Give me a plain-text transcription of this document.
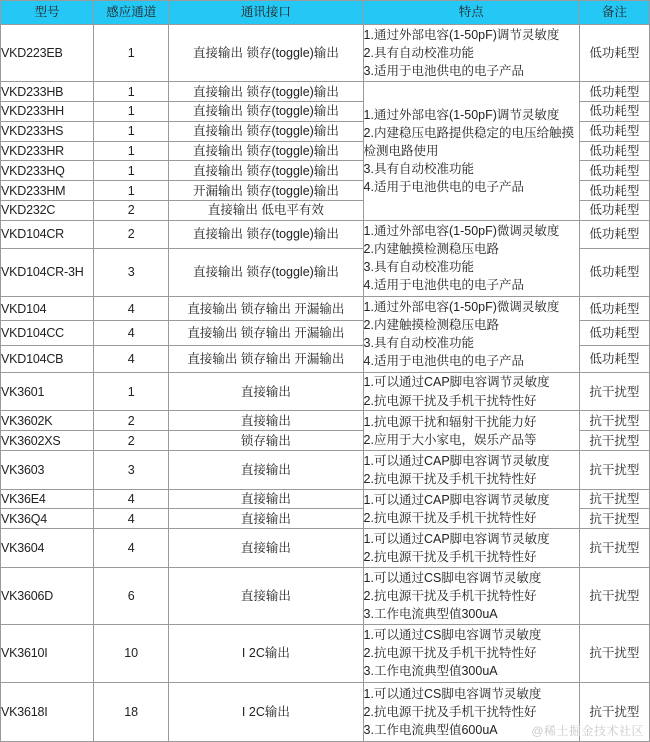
型号	感应通道	通讯接口	特点	备注
VKD223EB	1	直接输出 锁存(toggle)输出	1.通过外部电容(1-50pF)调节灵敏度
2.具有自动校准功能
3.适用于电池供电的电子产品	低功耗型
VKD233HB	1	直接输出 锁存(toggle)输出	1.通过外部电容(1-50pF)调节灵敏度
2.内建稳压电路提供稳定的电压给触摸检测电路使用
3.具有自动校准功能
4.适用于电池供电的电子产品	低功耗型
VKD233HH	1	直接输出 锁存(toggle)输出		低功耗型
VKD233HS	1	直接输出 锁存(toggle)输出		低功耗型
VKD233HR	1	直接输出 锁存(toggle)输出		低功耗型
VKD233HQ	1	直接输出 锁存(toggle)输出		低功耗型
VKD233HM	1	开漏输出 锁存(toggle)输出		低功耗型
VKD232C	2	直接输出 低电平有效		低功耗型
VKD104CR	2	直接输出 锁存(toggle)输出	1.通过外部电容(1-50pF)微调灵敏度
2.内建触摸检测稳压电路
3.具有自动校准功能
4.适用于电池供电的电子产品	低功耗型
VKD104CR-3H	3	直接输出 锁存(toggle)输出		低功耗型
VKD104	4	直接输出 锁存输出 开漏输出	1.通过外部电容(1-50pF)微调灵敏度
2.内建触摸检测稳压电路
3.具有自动校准功能
4.适用于电池供电的电子产品	低功耗型
VKD104CC	4	直接输出 锁存输出 开漏输出		低功耗型
VKD104CB	4	直接输出 锁存输出 开漏输出		低功耗型
VK3601	1	直接输出	1.可以通过CAP脚电容调节灵敏度
2.抗电源干扰及手机干扰特性好	抗干扰型
VK3602K	2	直接输出	1.抗电源干扰和辐射干扰能力好
2.应用于大小家电，娱乐产品等	抗干扰型
VK3602XS	2	锁存输出		抗干扰型
VK3603	3	直接输出	1.可以通过CAP脚电容调节灵敏度
2.抗电源干扰及手机干扰特性好	抗干扰型
VK36E4	4	直接输出	1.可以通过CAP脚电容调节灵敏度
2.抗电源干扰及手机干扰特性好	抗干扰型
VK36Q4	4	直接输出		抗干扰型
VK3604	4	直接输出	1.可以通过CAP脚电容调节灵敏度
2.抗电源干扰及手机干扰特性好	抗干扰型
VK3606D	6	直接输出	1.可以通过CS脚电容调节灵敏度
2.抗电源干扰及手机干扰特性好
3.工作电流典型值300uA	抗干扰型
VK3610I	10	I 2C输出	1.可以通过CS脚电容调节灵敏度
2.抗电源干扰及手机干扰特性好
3.工作电流典型值300uA	抗干扰型
VK3618I	18	I 2C输出	1.可以通过CS脚电容调节灵敏度
2.抗电源干扰及手机干扰特性好
3.工作电流典型值600uA	抗干扰型
@稀土掘金技术社区
